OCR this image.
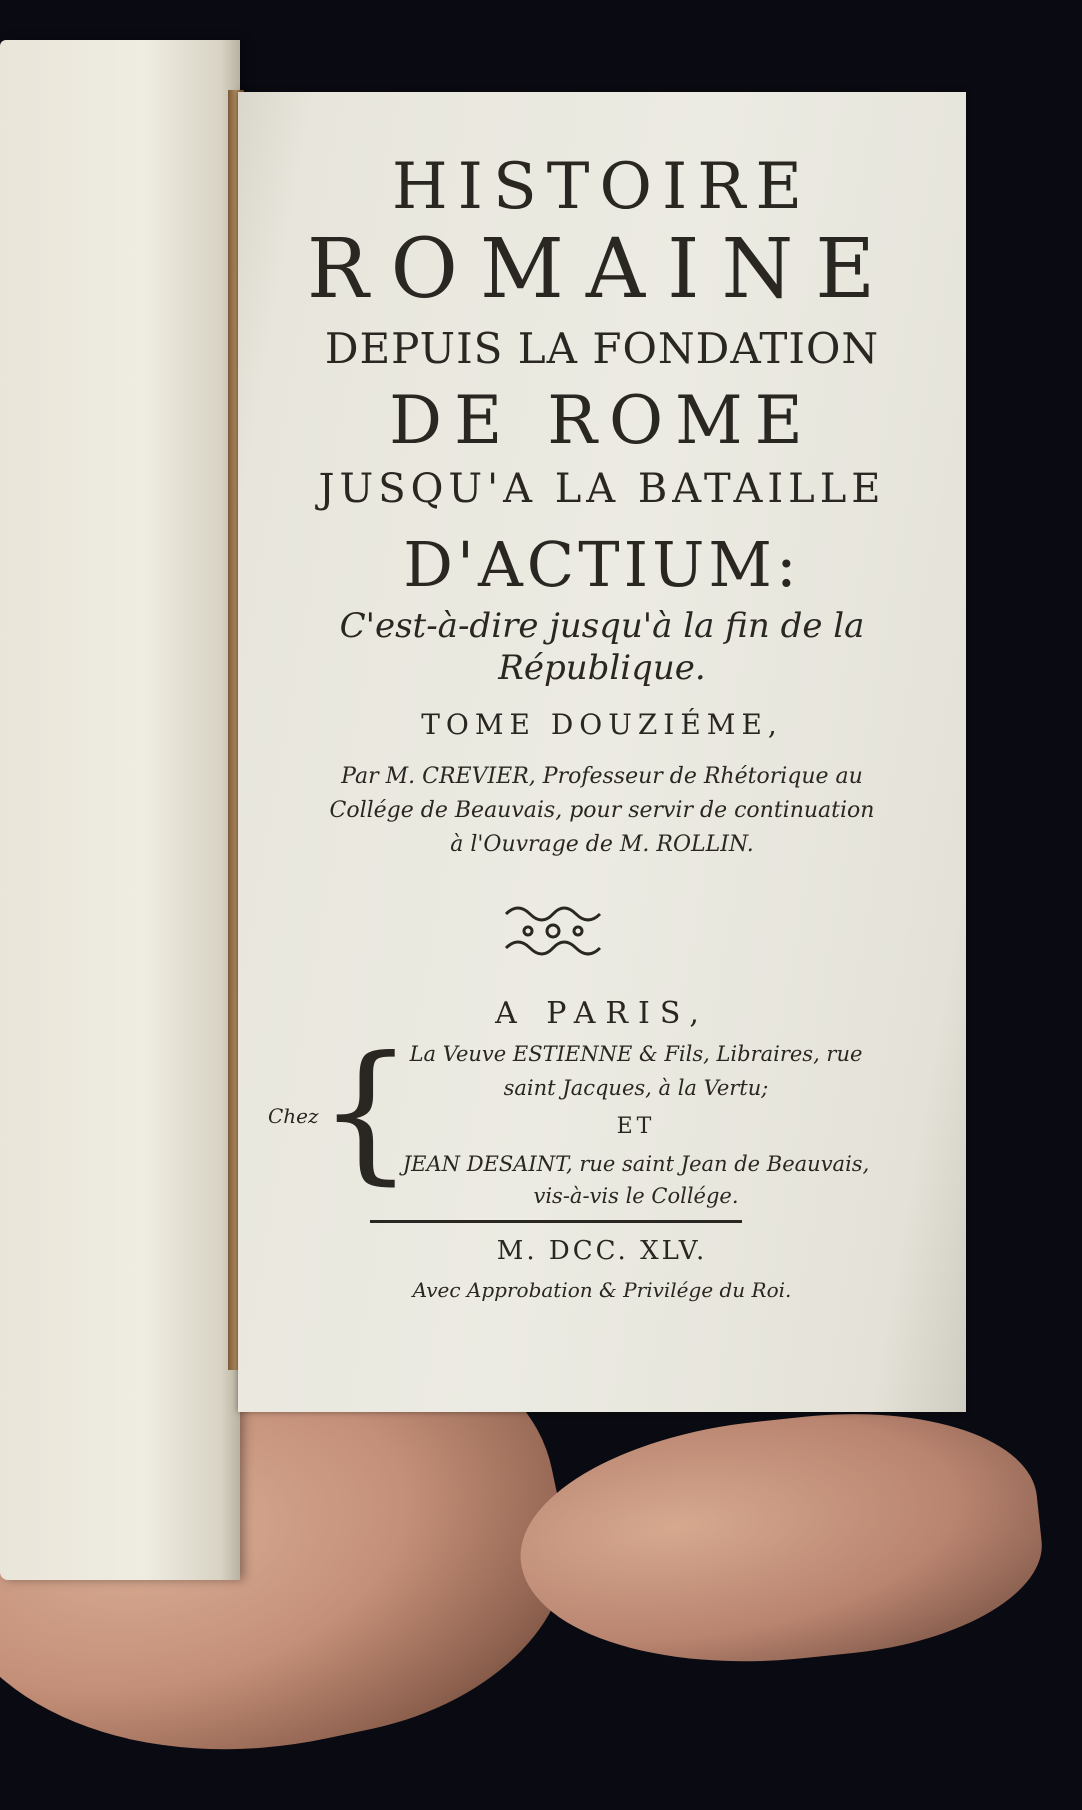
HISTOIRE
ROMAINE
DEPUIS LA FONDATION
DE ROME
JUSQU'A LA BATAILLE
D'ACTIUM:
C'est-à-dire jusqu'à la fin de la
République.
TOME DOUZIÉME,
Par M. CREVIER, Professeur de Rhétorique au
Collége de Beauvais, pour servir de continuation
à l'Ouvrage de M. ROLLIN.
A PARIS,
Chez {
La Veuve ESTIENNE & Fils, Libraires, rue
saint Jacques, à la Vertu;
ET
JEAN DESAINT, rue saint Jean de Beauvais,
vis-à-vis le Collége.
M. DCC. XLV.
Avec Approbation & Privilége du Roi.
